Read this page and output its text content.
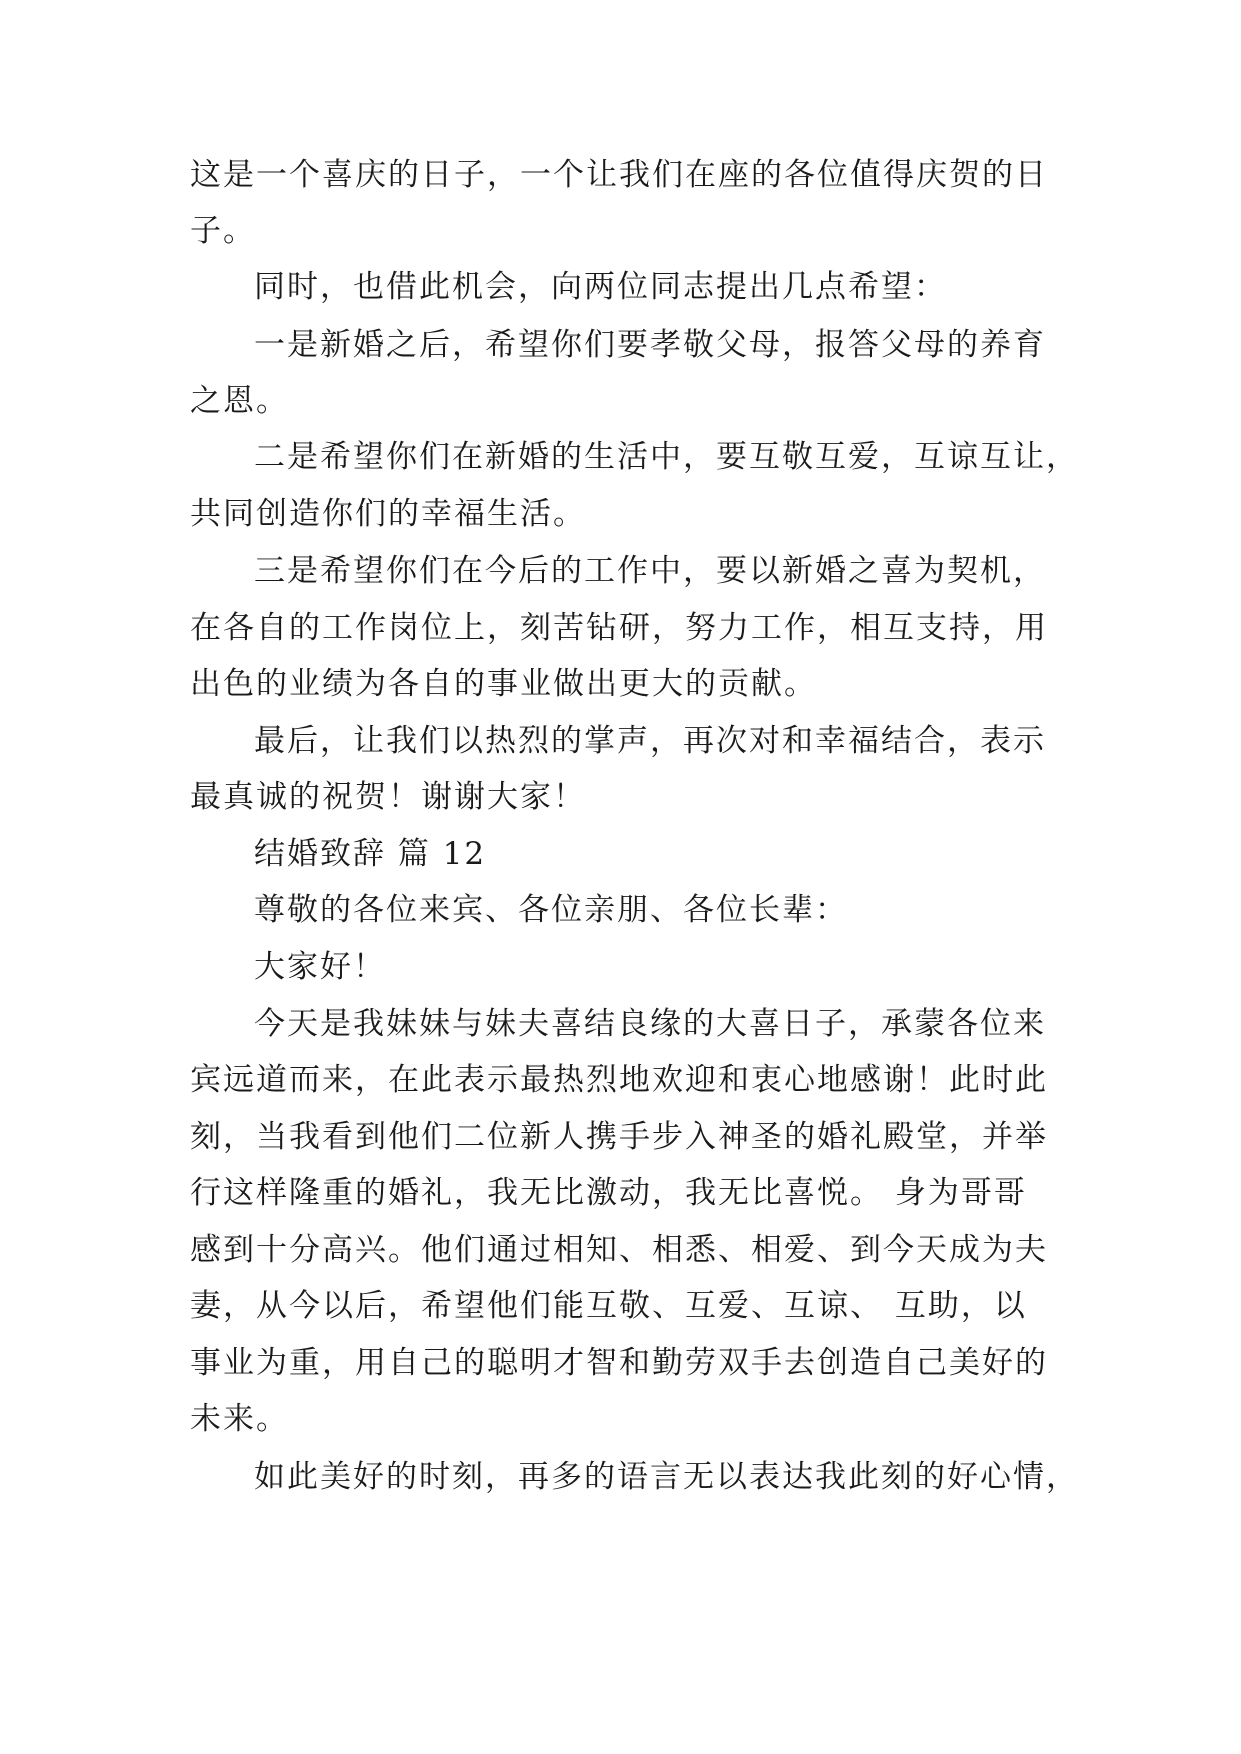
这是一个喜庆的日子，一个让我们在座的各位值得庆贺的日
子。
同时，也借此机会，向两位同志提出几点希望：
一是新婚之后，希望你们要孝敬父母，报答父母的养育
之恩。
二是希望你们在新婚的生活中，要互敬互爱，互谅互让，
共同创造你们的幸福生活。
三是希望你们在今后的工作中，要以新婚之喜为契机，
在各自的工作岗位上，刻苦钻研，努力工作，相互支持，用
出色的业绩为各自的事业做出更大的贡献。
最后，让我们以热烈的掌声，再次对和幸福结合，表示
最真诚的祝贺！谢谢大家！
结婚致辞 篇 12
尊敬的各位来宾、各位亲朋、各位长辈：
大家好！
今天是我妹妹与妹夫喜结良缘的大喜日子，承蒙各位来
宾远道而来，在此表示最热烈地欢迎和衷心地感谢！此时此
刻，当我看到他们二位新人携手步入神圣的婚礼殿堂，并举
行这样隆重的婚礼，我无比激动，我无比喜悦。 身为哥哥
感到十分高兴。他们通过相知、相悉、相爱、到今天成为夫
妻，从今以后，希望他们能互敬、互爱、互谅、 互助，以
事业为重，用自己的聪明才智和勤劳双手去创造自己美好的
未来。
如此美好的时刻，再多的语言无以表达我此刻的好心情，
